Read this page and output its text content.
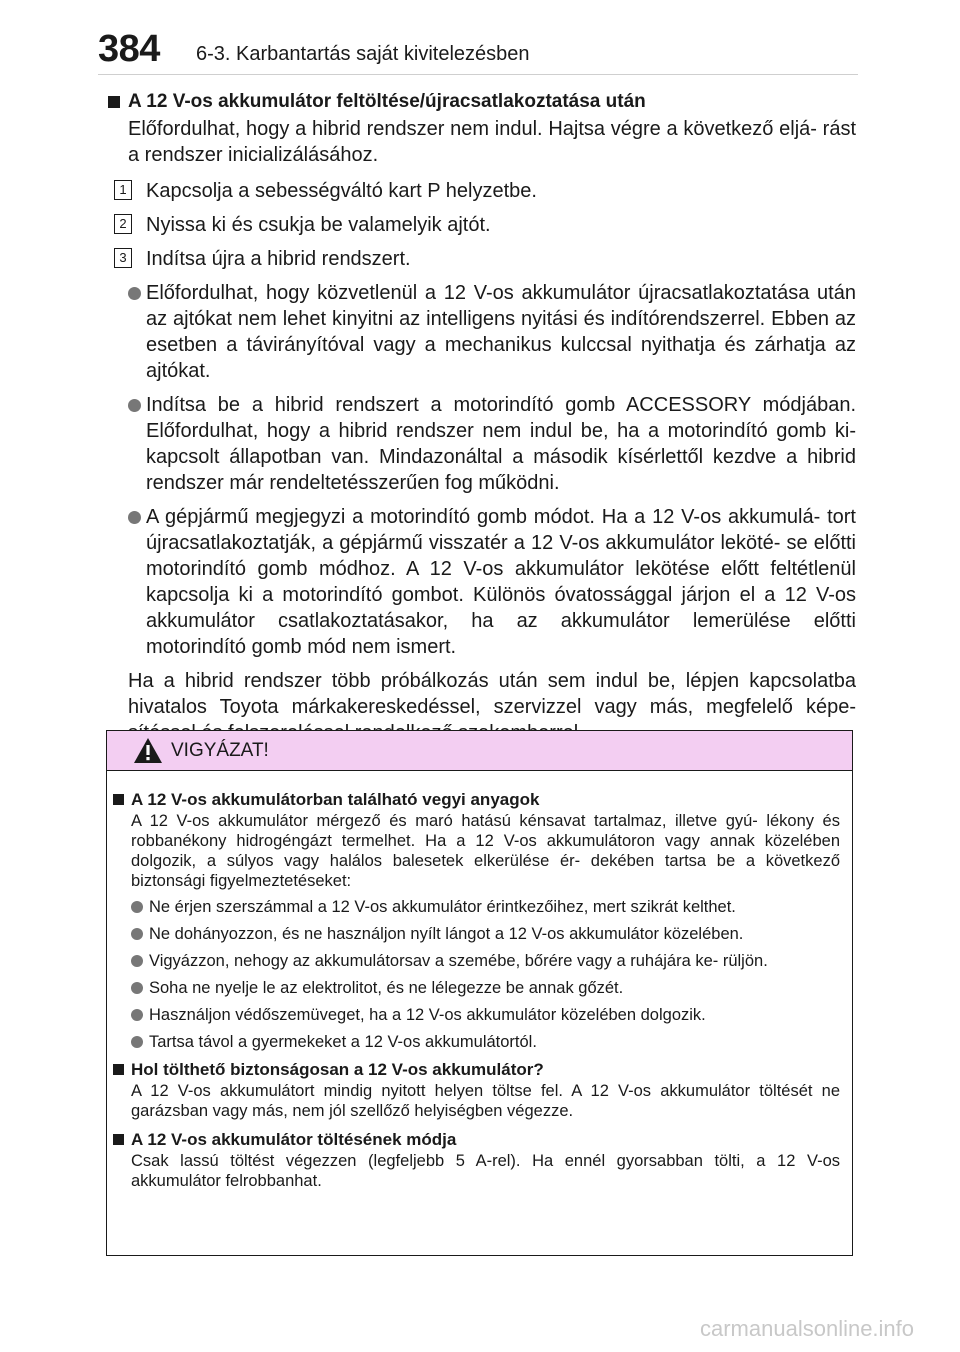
384 6-3. Karbantartás saját kivitelezésben
A 12 V-os akkumulátor feltöltése/újracsatlakoztatása után
Előfordulhat, hogy a hibrid rendszer nem indul. Hajtsa végre a következő eljá- rást a rendszer inicializálásához.
1 Kapcsolja a sebességváltó kart P helyzetbe.
2 Nyissa ki és csukja be valamelyik ajtót.
3 Indítsa újra a hibrid rendszert.
Előfordulhat, hogy közvetlenül a 12 V-os akkumulátor újracsatlakoztatása után az ajtókat nem lehet kinyitni az intelligens nyitási és indítórendszerrel. Ebben az esetben a távirányítóval vagy a mechanikus kulccsal nyithatja és zárhatja az ajtókat.
Indítsa be a hibrid rendszert a motorindító gomb ACCESSORY módjában. Előfordulhat, hogy a hibrid rendszer nem indul be, ha a motorindító gomb ki- kapcsolt állapotban van. Mindazonáltal a második kísérlettől kezdve a hibrid rendszer már rendeltetésszerűen fog működni.
A gépjármű megjegyzi a motorindító gomb módot. Ha a 12 V-os akkumulá- tort újracsatlakoztatják, a gépjármű visszatér a 12 V-os akkumulátor leköté- se előtti motorindító gomb módhoz. A 12 V-os akkumulátor lekötése előtt feltétlenül kapcsolja ki a motorindító gombot. Különös óvatossággal járjon el a 12 V-os akkumulátor csatlakoztatásakor, ha az akkumulátor lemerülése előtti motorindító gomb mód nem ismert.
Ha a hibrid rendszer több próbálkozás után sem indul be, lépjen kapcsolatba hivatalos Toyota márkakereskedéssel, szervizzel vagy más, megfelelő képe-
VIGYÁZAT!
A 12 V-os akkumulátorban található vegyi anyagok
A 12 V-os akkumulátor mérgező és maró hatású kénsavat tartalmaz, illetve gyú- lékony és robbanékony hidrogéngázt termelhet. Ha a 12 V-os akkumulátoron vagy annak közelében dolgozik, a súlyos vagy halálos balesetek elkerülése ér- dekében tartsa be a következő biztonsági figyelmeztetéseket:
Ne érjen szerszámmal a 12 V-os akkumulátor érintkezőihez, mert szikrát kelthet.
Ne dohányozzon, és ne használjon nyílt lángot a 12 V-os akkumulátor közelében.
Vigyázzon, nehogy az akkumulátorsav a szemébe, bőrére vagy a ruhájára ke- rüljön.
Soha ne nyelje le az elektrolitot, és ne lélegezze be annak gőzét.
Használjon védőszemüveget, ha a 12 V-os akkumulátor közelében dolgozik.
Tartsa távol a gyermekeket a 12 V-os akkumulátortól.
Hol tölthető biztonságosan a 12 V-os akkumulátor?
A 12 V-os akkumulátort mindig nyitott helyen töltse fel. A 12 V-os akkumulátor töltését ne garázsban vagy más, nem jól szellőző helyiségben végezze.
A 12 V-os akkumulátor töltésének módja
Csak lassú töltést végezzen (legfeljebb 5 A-rel). Ha ennél gyorsabban tölti, a 12 V-os akkumulátor felrobbanhat.
carmanualsonline.info
